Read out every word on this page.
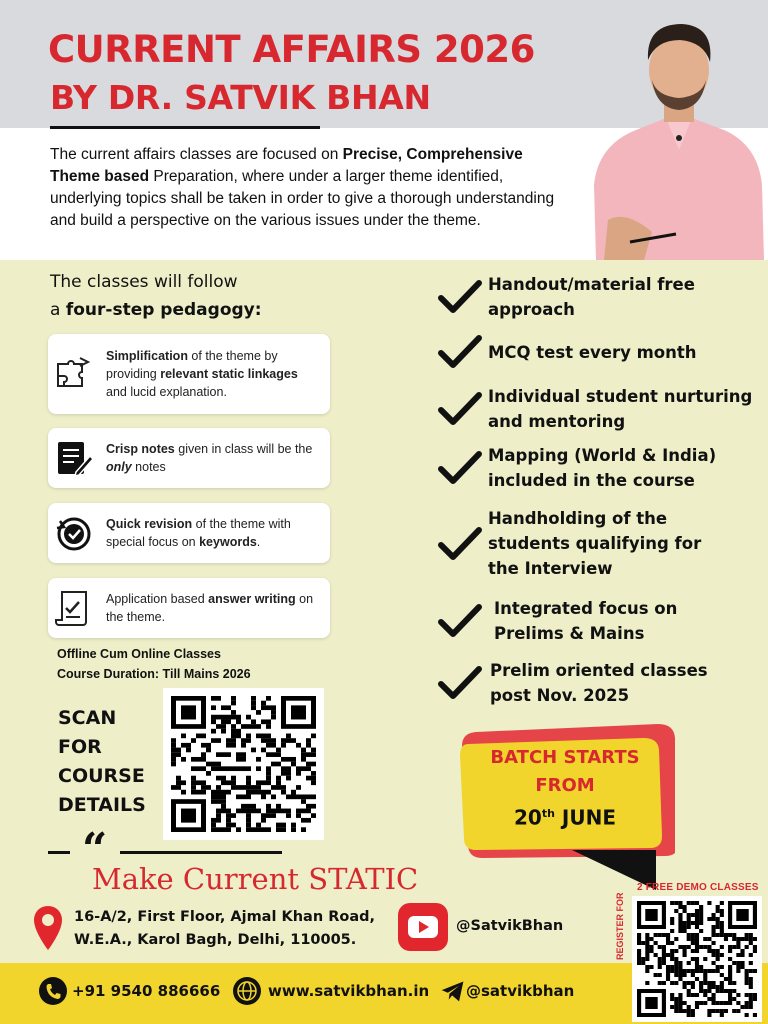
CURRENT AFFAIRS 2026
BY DR. SATVIK BHAN
The current affairs classes are focused on Precise, Comprehensive Theme based Preparation, where under a larger theme identified, underlying topics shall be taken in order to give a thorough understanding and build a perspective on the various issues under the theme.
The classes will follow
a four-step pedagogy:
Simplification of the theme by providing relevant static linkages and lucid explanation.
Crisp notes given in class will be the only notes
Quick revision of the theme with special focus on keywords.
Application based answer writing on the theme.
Offline Cum Online Classes
Course Duration: Till Mains 2026
SCAN
FOR
COURSE
DETAILS
Handout/material free
approach
MCQ test every month
Individual student nurturing
and mentoring
Mapping (World & India)
included in the course
Handholding of the
students qualifying for
the Interview
Integrated focus on
Prelims & Mains
Prelim oriented classes
post Nov. 2025
BATCH STARTS
FROM
20th JUNE
“
Make Current STATIC
16-A/2, First Floor, Ajmal Khan Road,
W.E.A., Karol Bagh, Delhi, 110005.
@SatvikBhan
2 FREE DEMO CLASSES
REGISTER FOR
+91 9540 886666	www.satvikbhan.in @satvikbhan
